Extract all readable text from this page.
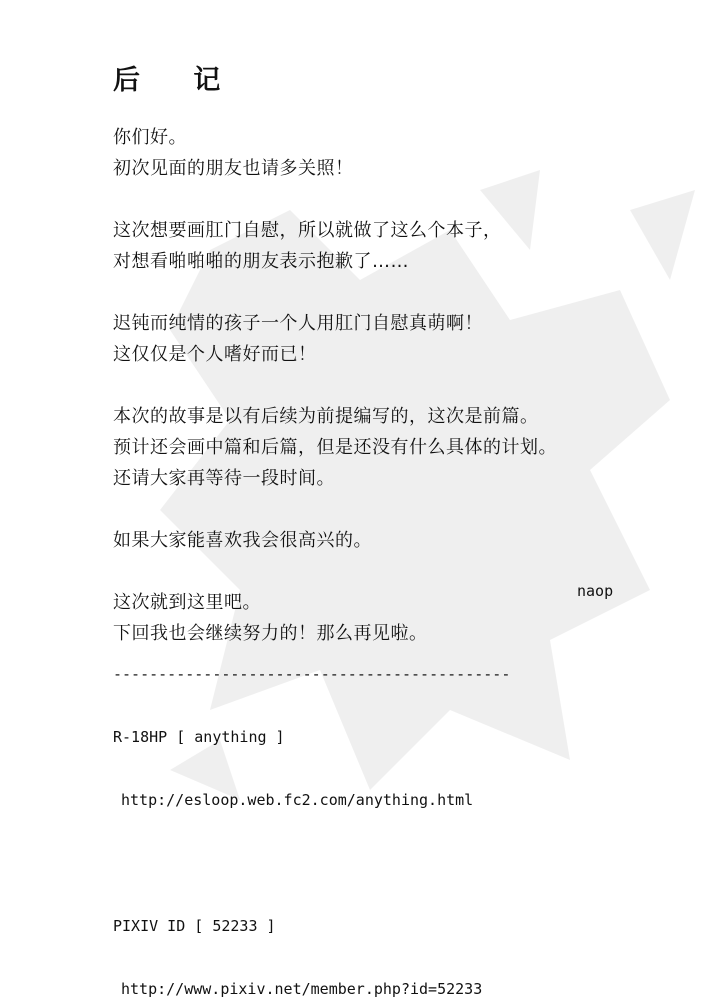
后 记
你们好。
初次见面的朋友也请多关照！
这次想要画肛门自慰，所以就做了这么个本子，
对想看啪啪啪的朋友表示抱歉了……
迟钝而纯情的孩子一个人用肛门自慰真萌啊！
这仅仅是个人嗜好而已！
本次的故事是以有后续为前提编写的，这次是前篇。
预计还会画中篇和后篇，但是还没有什么具体的计划。
还请大家再等待一段时间。
如果大家能喜欢我会很高兴的。
这次就到这里吧。
下回我也会继续努力的！那么再见啦。
naop

--------------------------------------------

R-18HP [ anything ]

http://esloop.web.fc2.com/anything.html

PIXIV ID [ 52233 ]

http://www.pixiv.net/member.php?id=52233
